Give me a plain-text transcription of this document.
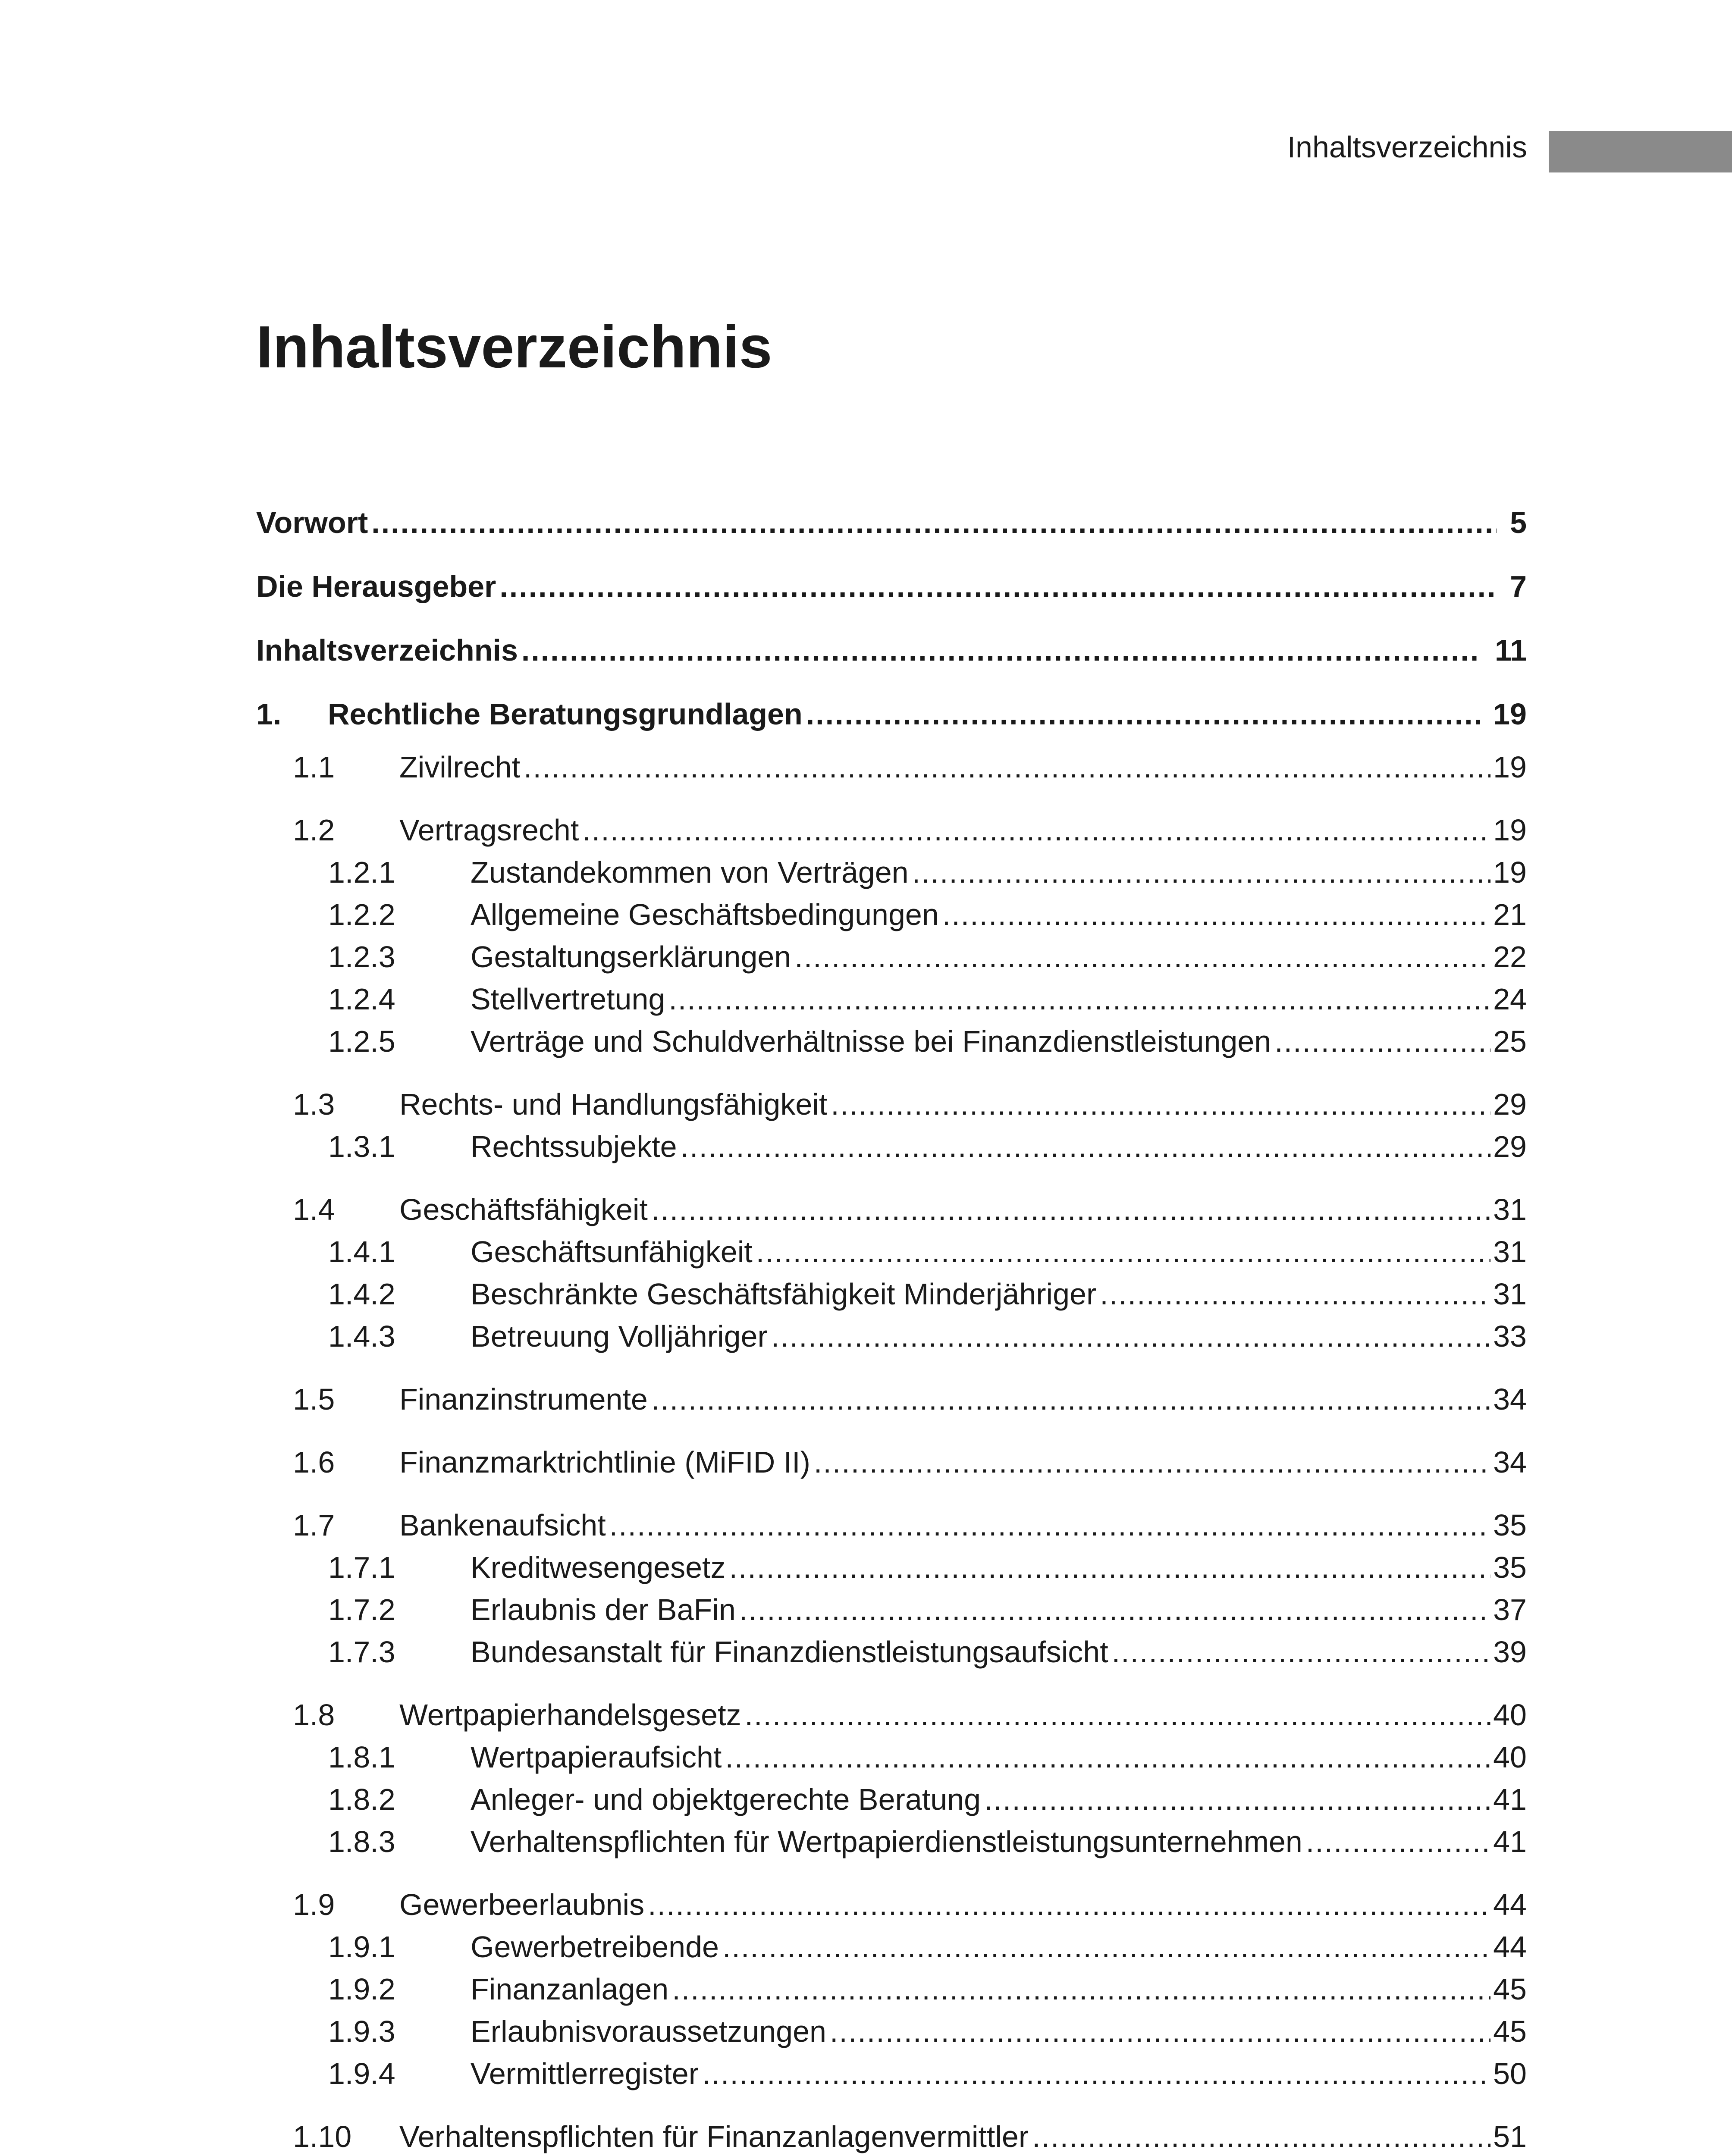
Inhaltsverzeichnis
Inhaltsverzeichnis
Vorwort .....	5
Die Herausgeber .....	7
Inhaltsverzeichnis .....	11
1. Rechtliche Beratungsgrundlagen .....	19
1.1 Zivilrecht .....	19
1.2 Vertragsrecht .....	19
1.2.1 Zustandekommen von Verträgen .....	19
1.2.2 Allgemeine Geschäftsbedingungen .....	21
1.2.3 Gestaltungserklärungen .....	22
1.2.4 Stellvertretung .....	24
1.2.5 Verträge und Schuldverhältnisse bei Finanzdienstleistungen .....	25
1.3 Rechts- und Handlungsfähigkeit .....	29
1.3.1 Rechtssubjekte .....	29
1.4 Geschäftsfähigkeit .....	31
1.4.1 Geschäftsunfähigkeit .....	31
1.4.2 Beschränkte Geschäftsfähigkeit Minderjähriger .....	31
1.4.3 Betreuung Volljähriger .....	33
1.5 Finanzinstrumente .....	34
1.6 Finanzmarktrichtlinie (MiFID II) .....	34
1.7 Bankenaufsicht .....	35
1.7.1 Kreditwesengesetz .....	35
1.7.2 Erlaubnis der BaFin .....	37
1.7.3 Bundesanstalt für Finanzdienstleistungsaufsicht .....	39
1.8 Wertpapierhandelsgesetz .....	40
1.8.1 Wertpapieraufsicht .....	40
1.8.2 Anleger- und objektgerechte Beratung .....	41
1.8.3 Verhaltenspflichten für Wertpapierdienstleistungsunternehmen .....	41
1.9 Gewerbeerlaubnis .....	44
1.9.1 Gewerbetreibende .....	44
1.9.2 Finanzanlagen .....	45
1.9.3 Erlaubnisvoraussetzungen .....	45
1.9.4 Vermittlerregister .....	50
1.10 Verhaltenspflichten für Finanzanlagenvermittler .....	51
